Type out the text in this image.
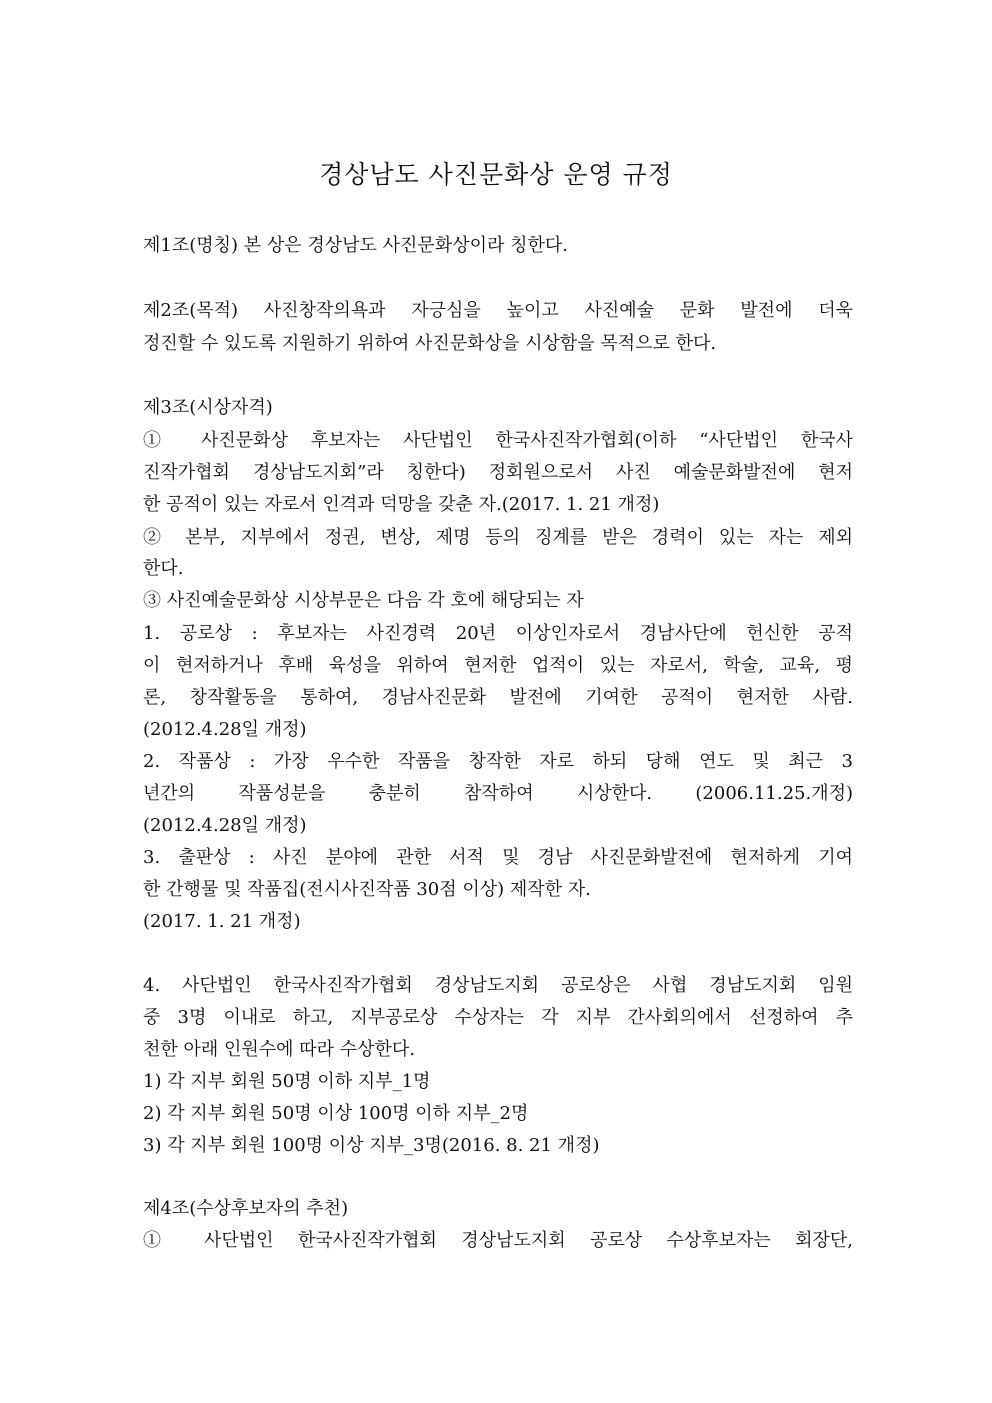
경상남도 사진문화상 운영 규정
제1조(명칭) 본 상은 경상남도 사진문화상이라 칭한다.
제2조(목적) 사진창작의욕과 자긍심을 높이고 사진예술 문화 발전에 더욱
정진할 수 있도록 지원하기 위하여 사진문화상을 시상함을 목적으로 한다.
제3조(시상자격)
① 사진문화상 후보자는 사단법인 한국사진작가협회(이하 “사단법인 한국사
진작가협회 경상남도지회”라 칭한다) 정회원으로서 사진 예술문화발전에 현저
한 공적이 있는 자로서 인격과 덕망을 갖춘 자.(2017. 1. 21 개정)
② 본부, 지부에서 정권, 변상, 제명 등의 징계를 받은 경력이 있는 자는 제외
한다.
③ 사진예술문화상 시상부문은 다음 각 호에 해당되는 자
1. 공로상 : 후보자는 사진경력 20년 이상인자로서 경남사단에 헌신한 공적
이 현저하거나 후배 육성을 위하여 현저한 업적이 있는 자로서, 학술, 교육, 평
론, 창작활동을 통하여, 경남사진문화 발전에 기여한 공적이 현저한 사람.
(2012.4.28일 개정)
2. 작품상 : 가장 우수한 작품을 창작한 자로 하되 당해 연도 및 최근 3
년간의 작품성분을 충분히 참작하여 시상한다. (2006.11.25.개정)
(2012.4.28일 개정)
3. 출판상 : 사진 분야에 관한 서적 및 경남 사진문화발전에 현저하게 기여
한 간행물 및 작품집(전시사진작품 30점 이상) 제작한 자.
(2017. 1. 21 개정)
4. 사단법인 한국사진작가협회 경상남도지회 공로상은 사협 경남도지회 임원
중 3명 이내로 하고, 지부공로상 수상자는 각 지부 간사회의에서 선정하여 추
천한 아래 인원수에 따라 수상한다.
1) 각 지부 회원 50명 이하 지부_1명
2) 각 지부 회원 50명 이상 100명 이하 지부_2명
3) 각 지부 회원 100명 이상 지부_3명(2016. 8. 21 개정)
제4조(수상후보자의 추천)
① 사단법인 한국사진작가협회 경상남도지회 공로상 수상후보자는 회장단,
